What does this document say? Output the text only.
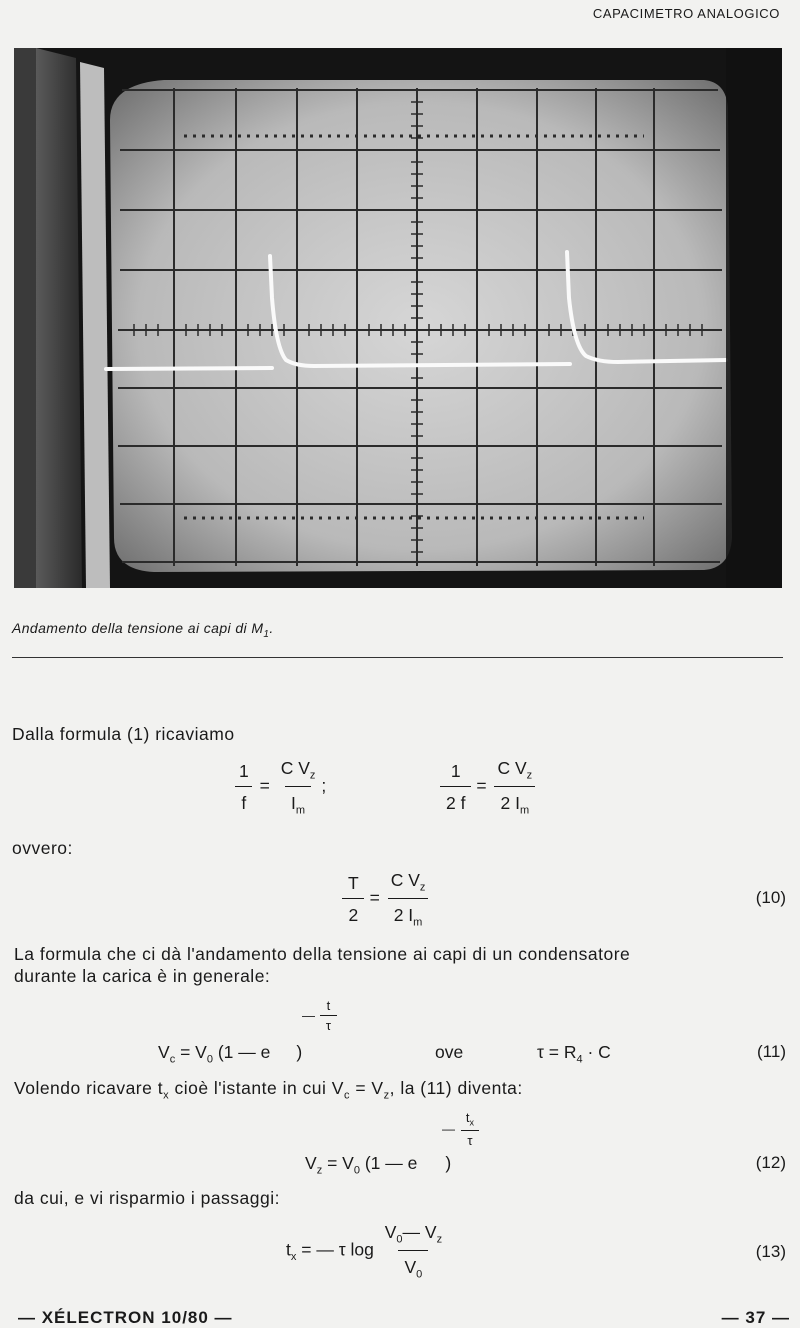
CAPACIMETRO ANALOGICO
Andamento della tensione ai capi di $M_1$.
Dalla formula (1) ricaviamo
$\frac{1}{f} = \frac{C V_z}{I_m}$ ;	$\frac{1}{2 f} = \frac{C V_z}{2 I_m}$
ovvero:
$\frac{T}{2} = \frac{C V_z}{2 I_m}$	(10)
La formula che ci dà l'andamento della tensione ai capi di un condensatore
durante la carica è in generale:
— $\frac{t}{\tau}$
$V_c = V_0$ (1 — e )	ove	$\tau = R_4 \cdot C$	(11)
Volendo ricavare $t_x$ cioè l'istante in cui $V_c = V_z$, la (11) diventa:
— $\frac{t_x}{\tau}$
$V_z = V_0$ (1 — e )	(12)
da cui, e vi risparmio i passaggi:
$t_x$ = — τ $\log \frac{V_0— V_z}{V_0}$	(13)
— XÉLECTRON 10/80 —	— 37 —
